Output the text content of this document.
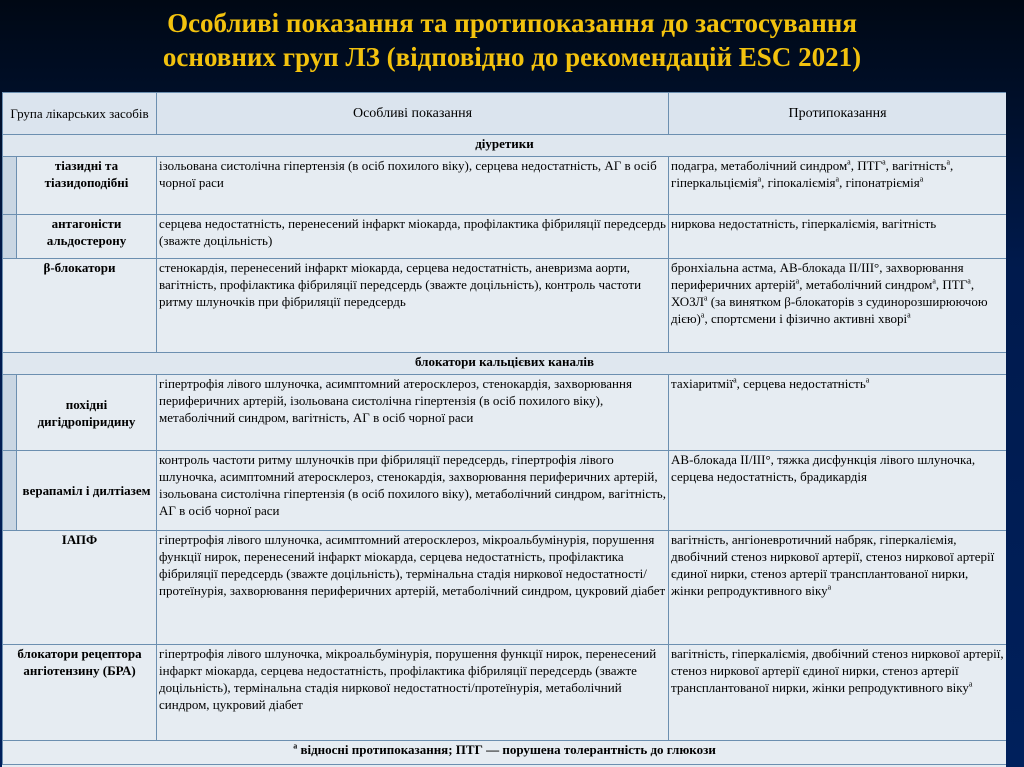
Особливі показання та протипоказання до застосування
основних груп ЛЗ (відповідно до рекомендацій ESC 2021)
Група лікарських засобів		Особливі показання	Протипоказання
діуретики			
	тіазидні та тіазидоподібні	ізольована систолічна гіпертензія (в осіб похилого віку), серцева недостатність, АГ в осіб чорної раси	подагра, метаболічний синдром$^a$, ПТГ$^a$, вагітність$^a$, гіперкальціємія$^a$, гіпокаліємія$^a$, гіпонатріємія$^a$
	антагоністи альдостерону	серцева недостатність, перенесений інфаркт міокарда, профілактика фібриляції передсердь (зважте доцільність)	ниркова недостатність, гіперкаліємія, вагітність
β-блокатори		стенокардія, перенесений інфаркт міокарда, серцева недостатність, аневризма аорти, вагітність, профілактика фібриляції передсердь (зважте доцільність), контроль частоти ритму шлуночків при фібриляції передсердь	бронхіальна астма, АВ-блокада ІІ/ІІІ°, захворювання периферичних артерій$^a$, метаболічний синдром$^a$, ПТГ$^a$, ХОЗЛ$^a$ (за винятком β-блокаторів з судинорозширюючою дією)$^a$, спортсмени і фізично активні хворі$^a$
блокатори кальцієвих каналів			
	похідні дигідропіридину	гіпертрофія лівого шлуночка, асимптомний атеросклероз, стенокардія, захворювання периферичних артерій, ізольована систолічна гіпертензія (в осіб похилого віку), метаболічний синдром, вагітність, АГ в осіб чорної раси	тахіаритмії$^a$, серцева недостатність$^a$
	верапаміл і дилтіазем	контроль частоти ритму шлуночків при фібриляції передсердь, гіпертрофія лівого шлуночка, асимптомний атеросклероз, стенокардія, захворювання периферичних артерій, ізольована систолічна гіпертензія (в осіб похилого віку), метаболічний синдром, вагітність, АГ в осіб чорної раси	АВ-блокада ІІ/ІІІ°, тяжка дисфункція лівого шлуночка, серцева недостатність, брадикардія
ІАПФ		гіпертрофія лівого шлуночка, асимптомний атеросклероз, мікроальбумінурія, порушення функції нирок, перенесений інфаркт міокарда, серцева недостатність, профілактика фібриляції передсердь (зважте доцільність), термінальна стадія ниркової недостатності/протеїнурія, захворювання периферичних артерій, метаболічний синдром, цукровий діабет	вагітність, ангіоневротичний набряк, гіперкаліємія, двобічний стеноз ниркової артерії, стеноз ниркової артерії єдиної нирки, стеноз артерії трансплантованої нирки, жінки репродуктивного віку$^a$
блокатори рецептора ангіотензину (БРА)		гіпертрофія лівого шлуночка, мікроальбумінурія, порушення функції нирок, перенесений інфаркт міокарда, серцева недостатність, профілактика фібриляції передсердь (зважте доцільність), термінальна стадія ниркової недостатності/протеїнурія, метаболічний синдром, цукровий діабет	вагітність, гіперкаліємія, двобічний стеноз ниркової артерії, стеноз ниркової артерії єдиної нирки, стеноз артерії трансплантованої нирки, жінки репродуктивного віку$^a$
$^a$ відносні протипоказання; ПТГ — порушена толерантність до глюкози			
